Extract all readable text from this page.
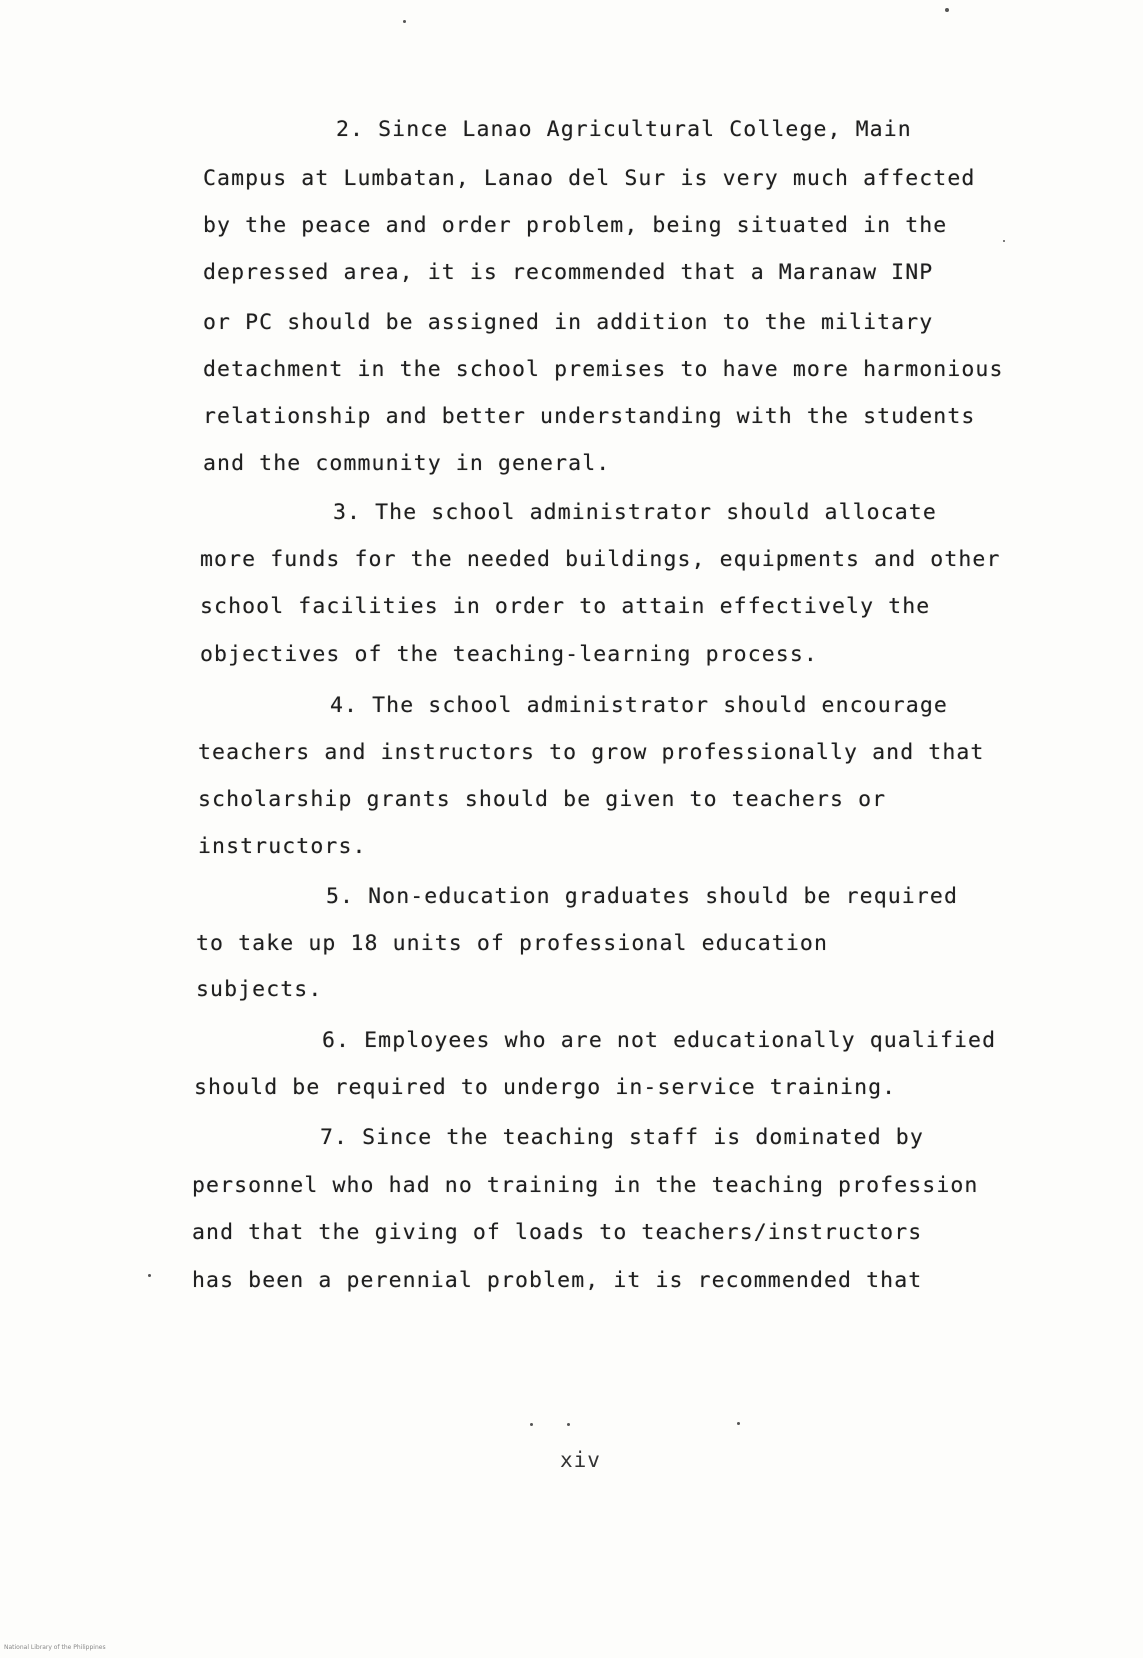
2. Since Lanao Agricultural College, Main
Campus at Lumbatan, Lanao del Sur is very much affected
by the peace and order problem, being situated in the
depressed area, it is recommended that a Maranaw INP
or PC should be assigned in addition to the military
detachment in the school premises to have more harmonious
relationship and better understanding with the students
and the community in general.
3. The school administrator should allocate
more funds for the needed buildings, equipments and other
school facilities in order to attain effectively the
objectives of the teaching-learning process.
4. The school administrator should encourage
teachers and instructors to grow professionally and that
scholarship grants should be given to teachers or
instructors.
5. Non-education graduates should be required
to take up 18 units of professional education
subjects.
6. Employees who are not educationally qualified
should be required to undergo in-service training.
7. Since the teaching staff is dominated by
personnel who had no training in the teaching profession
and that the giving of loads to teachers/instructors
has been a perennial problem, it is recommended that
xiv
National Library of the Philippines
